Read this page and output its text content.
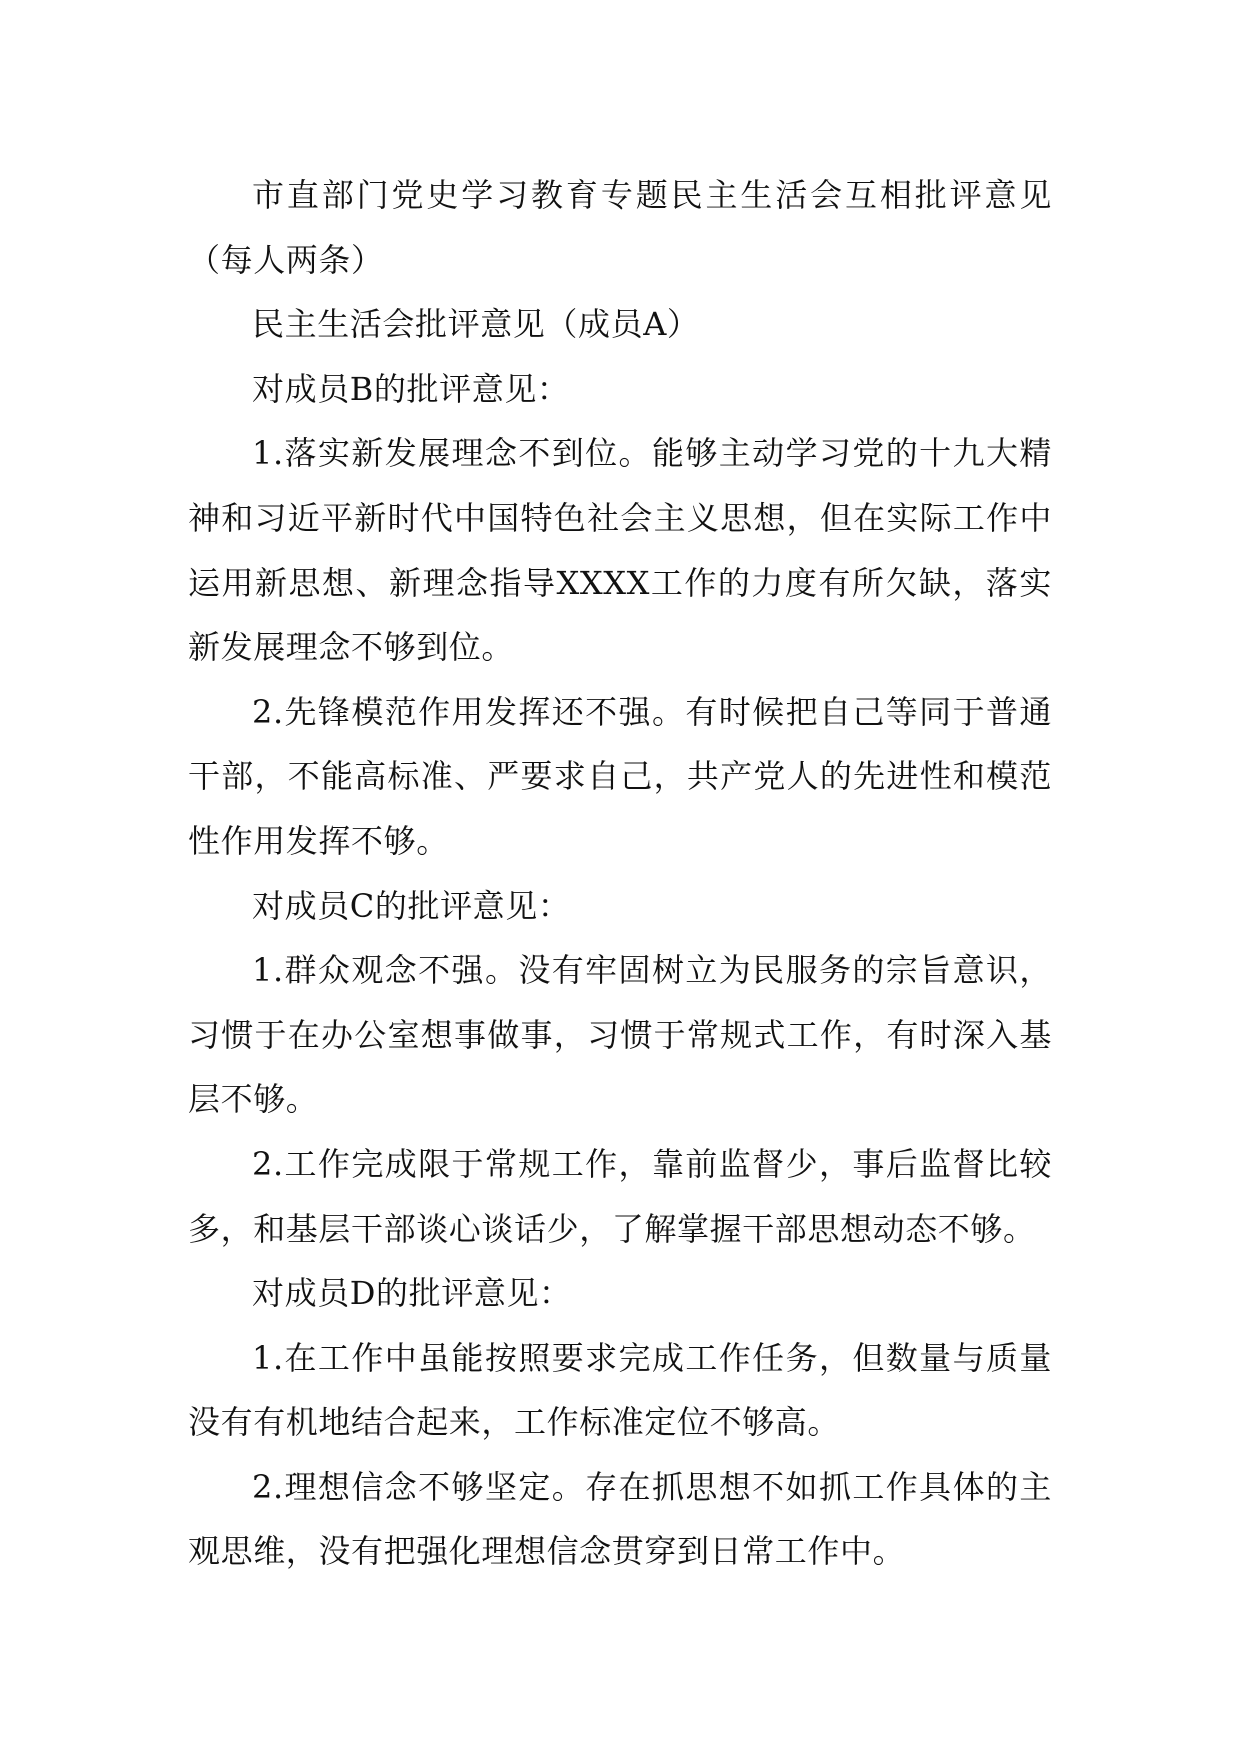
市直部门党史学习教育专题民主生活会互相批评意见（每人两条）

民主生活会批评意见（成员A）

对成员B的批评意见：

1.落实新发展理念不到位。能够主动学习党的十九大精神和习近平新时代中国特色社会主义思想，但在实际工作中运用新思想、新理念指导XXXX工作的力度有所欠缺，落实新发展理念不够到位。

2.先锋模范作用发挥还不强。有时候把自己等同于普通干部，不能高标准、严要求自己，共产党人的先进性和模范性作用发挥不够。

对成员C的批评意见：

1.群众观念不强。没有牢固树立为民服务的宗旨意识，习惯于在办公室想事做事，习惯于常规式工作，有时深入基层不够。

2.工作完成限于常规工作，靠前监督少，事后监督比较多，和基层干部谈心谈话少，了解掌握干部思想动态不够。

对成员D的批评意见：

1.在工作中虽能按照要求完成工作任务，但数量与质量没有有机地结合起来，工作标准定位不够高。

2.理想信念不够坚定。存在抓思想不如抓工作具体的主观思维，没有把强化理想信念贯穿到日常工作中。
